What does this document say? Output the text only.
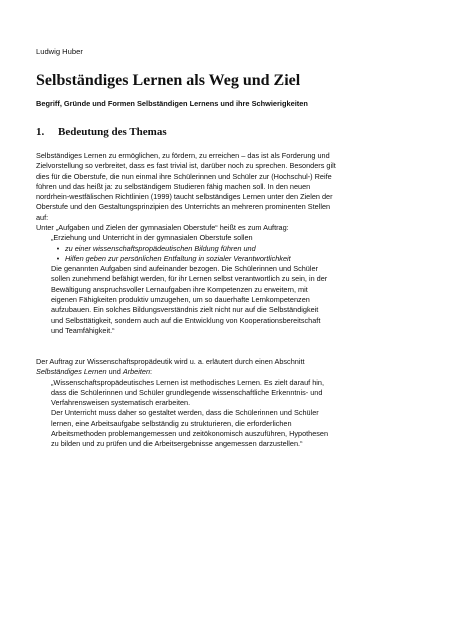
Ludwig Huber
Selbständiges Lernen als Weg und Ziel
Begriff, Gründe und Formen Selbständigen Lernens und ihre Schwierigkeiten
1. Bedeutung des Themas
Selbständiges Lernen zu ermöglichen, zu fördern, zu erreichen – das ist als Forderung und
Zielvorstellung so verbreitet, dass es fast trivial ist, darüber noch zu sprechen. Besonders gilt
dies für die Oberstufe, die nun einmal ihre Schülerinnen und Schüler zur (Hochschul-) Reife
führen und das heißt ja: zu selbständigem Studieren fähig machen soll. In den neuen
nordrhein-westfälischen Richtlinien (1999) taucht selbständiges Lernen unter den Zielen der
Oberstufe und den Gestaltungsprinzipien des Unterrichts an mehreren prominenten Stellen
auf:
Unter „Aufgaben und Zielen der gymnasialen Oberstufe“ heißt es zum Auftrag:
„Erziehung und Unterricht in der gymnasialen Oberstufe sollen
• zu einer wissenschaftspropädeutischen Bildung führen und
• Hilfen geben zur persönlichen Entfaltung in sozialer Verantwortlichkeit
Die genannten Aufgaben sind aufeinander bezogen. Die Schülerinnen und Schüler
sollen zunehmend befähigt werden, für ihr Lernen selbst verantwortlich zu sein, in der
Bewältigung anspruchsvoller Lernaufgaben ihre Kompetenzen zu erweitern, mit
eigenen Fähigkeiten produktiv umzugehen, um so dauerhafte Lernkompetenzen
aufzubauen. Ein solches Bildungsverständnis zielt nicht nur auf die Selbständigkeit
und Selbsttätigkeit, sondern auch auf die Entwicklung von Kooperationsbereitschaft
und Teamfähigkeit.“
Der Auftrag zur Wissenschaftspropädeutik wird u. a. erläutert durch einen Abschnitt
Selbständiges Lernen und Arbeiten:
„Wissenschaftspropädeutisches Lernen ist methodisches Lernen. Es zielt darauf hin,
dass die Schülerinnen und Schüler grundlegende wissenschaftliche Erkenntnis- und
Verfahrensweisen systematisch erarbeiten.
Der Unterricht muss daher so gestaltet werden, dass die Schülerinnen und Schüler
lernen, eine Arbeitsaufgabe selbständig zu strukturieren, die erforderlichen
Arbeitsmethoden problemangemessen und zeitökonomisch auszuführen, Hypothesen
zu bilden und zu prüfen und die Arbeitsergebnisse angemessen darzustellen.“
